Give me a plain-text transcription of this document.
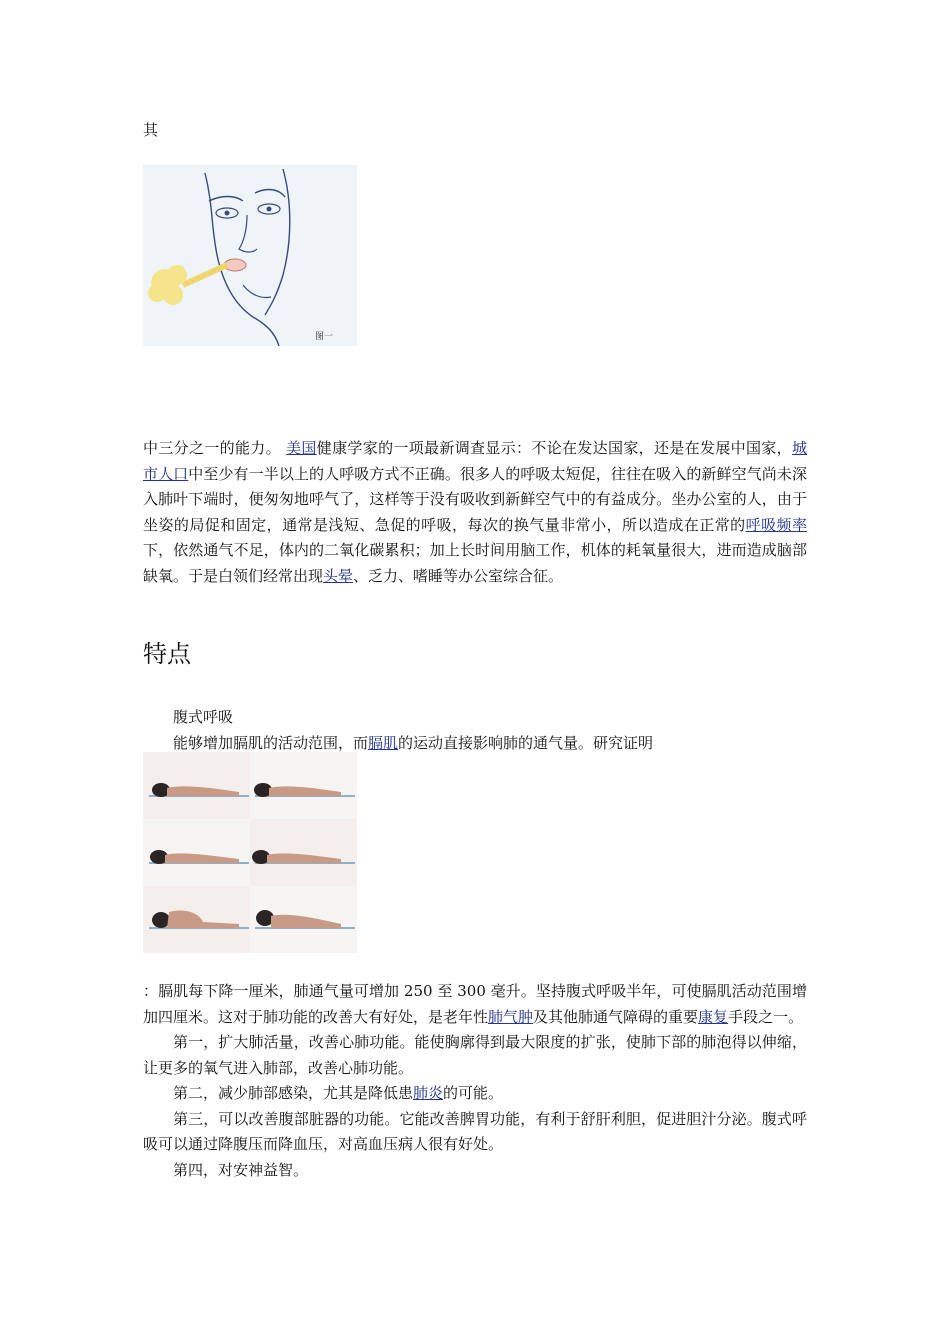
其
图一

中三分之一的能力。 美国健康学家的一项最新调查显示：不论在发达国家，还是在发展中国家，城市人口中至少有一半以上的人呼吸方式不正确。很多人的呼吸太短促，往往在吸入的新鲜空气尚未深入肺叶下端时，便匆匆地呼气了，这样等于没有吸收到新鲜空气中的有益成分。坐办公室的人，由于坐姿的局促和固定，通常是浅短、急促的呼吸，每次的换气量非常小，所以造成在正常的呼吸频率下，依然通气不足，体内的二氧化碳累积；加上长时间用脑工作，机体的耗氧量很大，进而造成脑部缺氧。于是白领们经常出现头晕、乏力、嗜睡等办公室综合征。

特点
腹式呼吸
能够增加膈肌的活动范围，而膈肌的运动直接影响肺的通气量。研究证明
：膈肌每下降一厘米，肺通气量可增加 250 至 300 毫升。坚持腹式呼吸半年，可使膈肌活动范围增加四厘米。这对于肺功能的改善大有好处，是老年性肺气肿及其他肺通气障碍的重要康复手段之一。
第一，扩大肺活量，改善心肺功能。能使胸廓得到最大限度的扩张，使肺下部的肺泡得以伸缩，让更多的氧气进入肺部，改善心肺功能。
第二，减少肺部感染，尤其是降低患肺炎的可能。
第三，可以改善腹部脏器的功能。它能改善脾胃功能，有利于舒肝利胆，促进胆汁分泌。腹式呼吸可以通过降腹压而降血压，对高血压病人很有好处。
第四，对安神益智。
